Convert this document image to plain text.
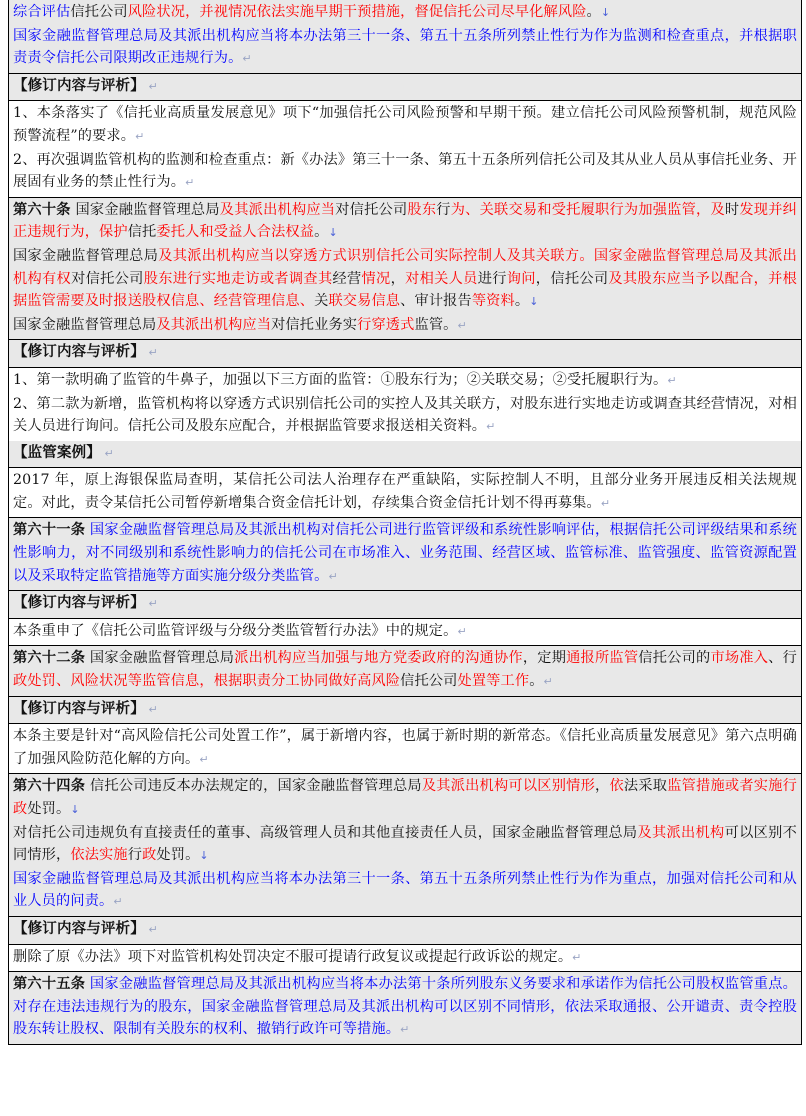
综合评估信托公司风险状况，并视情况依法实施早期干预措施，督促信托公司尽早化解风险。↓

国家金融监督管理总局及其派出机构应当将本办法第三十一条、第五十五条所列禁止性行为作为监测和检查重点，并根据职责责令信托公司限期改正违规行为。↵

【修订内容与评析】 ↵

1、本条落实了《信托业高质量发展意见》项下“加强信托公司风险预警和早期干预。建立信托公司风险预警机制，规范风险预警流程”的要求。↵

2、再次强调监管机构的监测和检查重点：新《办法》第三十一条、第五十五条所列信托公司及其从业人员从事信托业务、开展固有业务的禁止性行为。↵

第六十条 国家金融监督管理总局及其派出机构应当对信托公司股东行为、关联交易和受托履职行为加强监管，及时发现并纠正违规行为，保护信托委托人和受益人合法权益。↓

国家金融监督管理总局及其派出机构应当以穿透方式识别信托公司实际控制人及其关联方。国家金融监督管理总局及其派出机构有权对信托公司股东进行实地走访或者调查其经营情况，对相关人员进行询问，信托公司及其股东应当予以配合，并根据监管需要及时报送股权信息、经营管理信息、关联交易信息、审计报告等资料。↓

国家金融监督管理总局及其派出机构应当对信托业务实行穿透式监管。↵

【修订内容与评析】 ↵

1、第一款明确了监管的牛鼻子，加强以下三方面的监管：①股东行为；②关联交易；②受托履职行为。↵

2、第二款为新增，监管机构将以穿透方式识别信托公司的实控人及其关联方，对股东进行实地走访或调查其经营情况，对相关人员进行询问。信托公司及股东应配合，并根据监管要求报送相关资料。↵

【监管案例】 ↵

2017 年，原上海银保监局查明，某信托公司法人治理存在严重缺陷，实际控制人不明，且部分业务开展违反相关法规规定。对此，责令某信托公司暂停新增集合资金信托计划，存续集合资金信托计划不得再募集。↵

第六十一条 国家金融监督管理总局及其派出机构对信托公司进行监管评级和系统性影响评估，根据信托公司评级结果和系统性影响力，对不同级别和系统性影响力的信托公司在市场准入、业务范围、经营区域、监管标准、监管强度、监管资源配置以及采取特定监管措施等方面实施分级分类监管。↵

【修订内容与评析】 ↵

本条重申了《信托公司监管评级与分级分类监管暂行办法》中的规定。↵

第六十二条 国家金融监督管理总局派出机构应当加强与地方党委政府的沟通协作，定期通报所监管信托公司的市场准入、行政处罚、风险状况等监管信息，根据职责分工协同做好高风险信托公司处置等工作。↵

【修订内容与评析】 ↵

本条主要是针对“高风险信托公司处置工作”，属于新增内容，也属于新时期的新常态。《信托业高质量发展意见》第六点明确了加强风险防范化解的方向。↵

第六十四条 信托公司违反本办法规定的，国家金融监督管理总局及其派出机构可以区别情形，依法采取监管措施或者实施行政处罚。↓

对信托公司违规负有直接责任的董事、高级管理人员和其他直接责任人员，国家金融监督管理总局及其派出机构可以区别不同情形，依法实施行政处罚。↓

国家金融监督管理总局及其派出机构应当将本办法第三十一条、第五十五条所列禁止性行为作为重点，加强对信托公司和从业人员的问责。↵

【修订内容与评析】 ↵

删除了原《办法》项下对监管机构处罚决定不服可提请行政复议或提起行政诉讼的规定。↵

第六十五条 国家金融监督管理总局及其派出机构应当将本办法第十条所列股东义务要求和承诺作为信托公司股权监管重点。对存在违法违规行为的股东，国家金融监督管理总局及其派出机构可以区别不同情形，依法采取通报、公开谴责、责令控股股东转让股权、限制有关股东的权利、撤销行政许可等措施。↵
